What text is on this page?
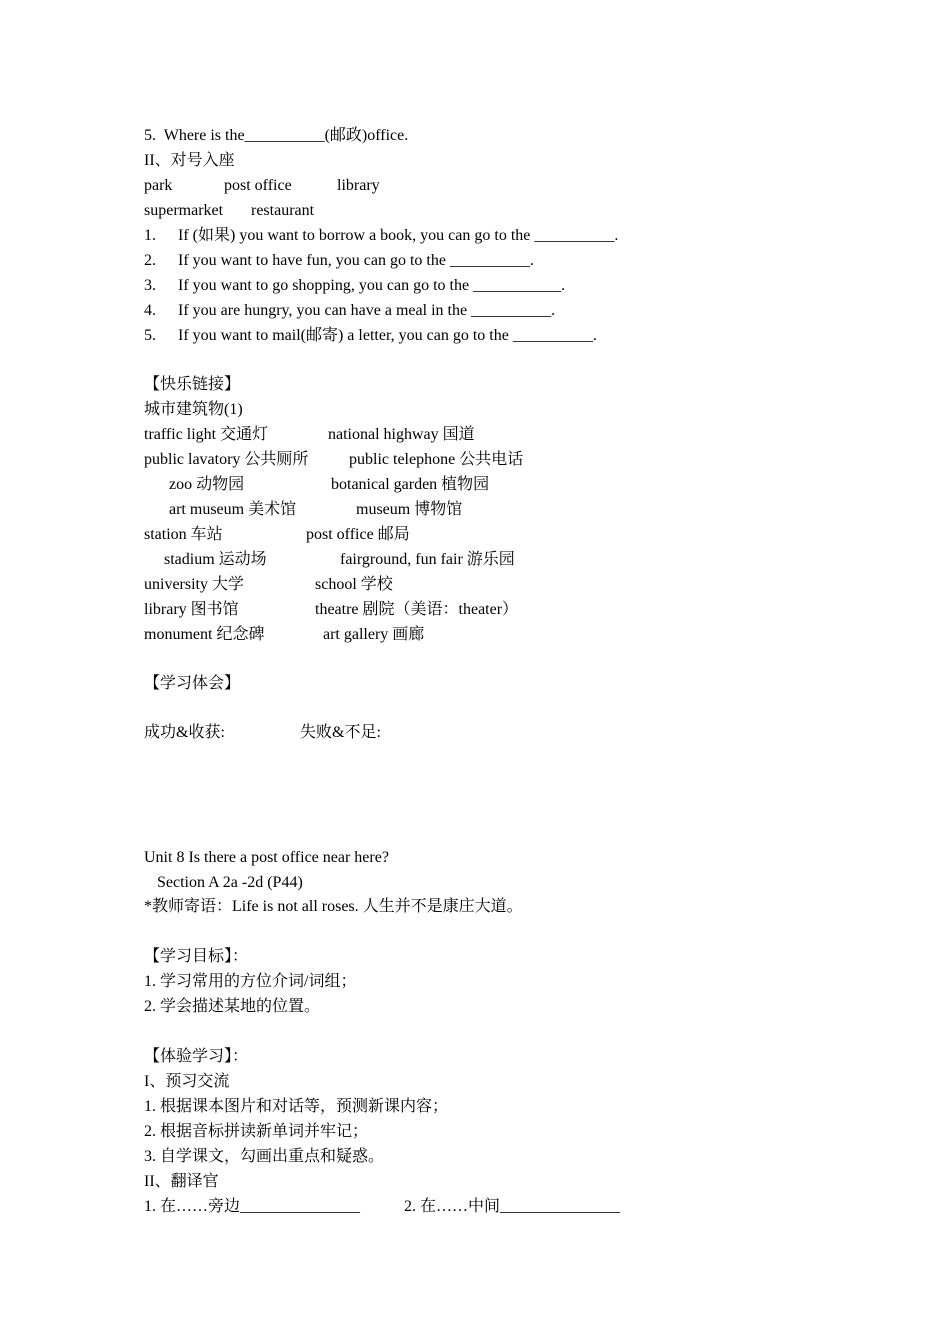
5.  Where is the__________(邮政)office.
II、对号入座
park	post office	library
supermarket restaurant
1. If (如果) you want to borrow a book, you can go to the __________.
2. If you want to have fun, you can go to the __________.
3. If you want to go shopping, you can go to the ___________.
4. If you are hungry, you can have a meal in the __________.
5. If you want to mail(邮寄) a letter, you can go to the __________.
【快乐链接】
城市建筑物(1)
traffic light 交通灯	national highway 国道
public lavatory 公共厕所	public telephone 公共电话
zoo 动物园	botanical garden 植物园
art museum 美术馆	museum 博物馆
station 车站	post office 邮局
stadium 运动场	fairground, fun fair 游乐园
university 大学	school 学校
library 图书馆	theatre 剧院（美语：theater）
monument 纪念碑	art gallery 画廊
【学习体会】
成功&收获:	失败&不足:
Unit 8 Is there a post office near here?
Section A 2a -2d (P44)
*教师寄语：Life is not all roses. 人生并不是康庄大道。
【学习目标】：
1. 学习常用的方位介词/词组；
2. 学会描述某地的位置。
【体验学习】：
I、预习交流
1. 根据课本图片和对话等，预测新课内容；
2. 根据音标拼读新单词并牢记；
3. 自学课文，勾画出重点和疑惑。
II、翻译官
1. 在……旁边_______________	2. 在……中间_______________
